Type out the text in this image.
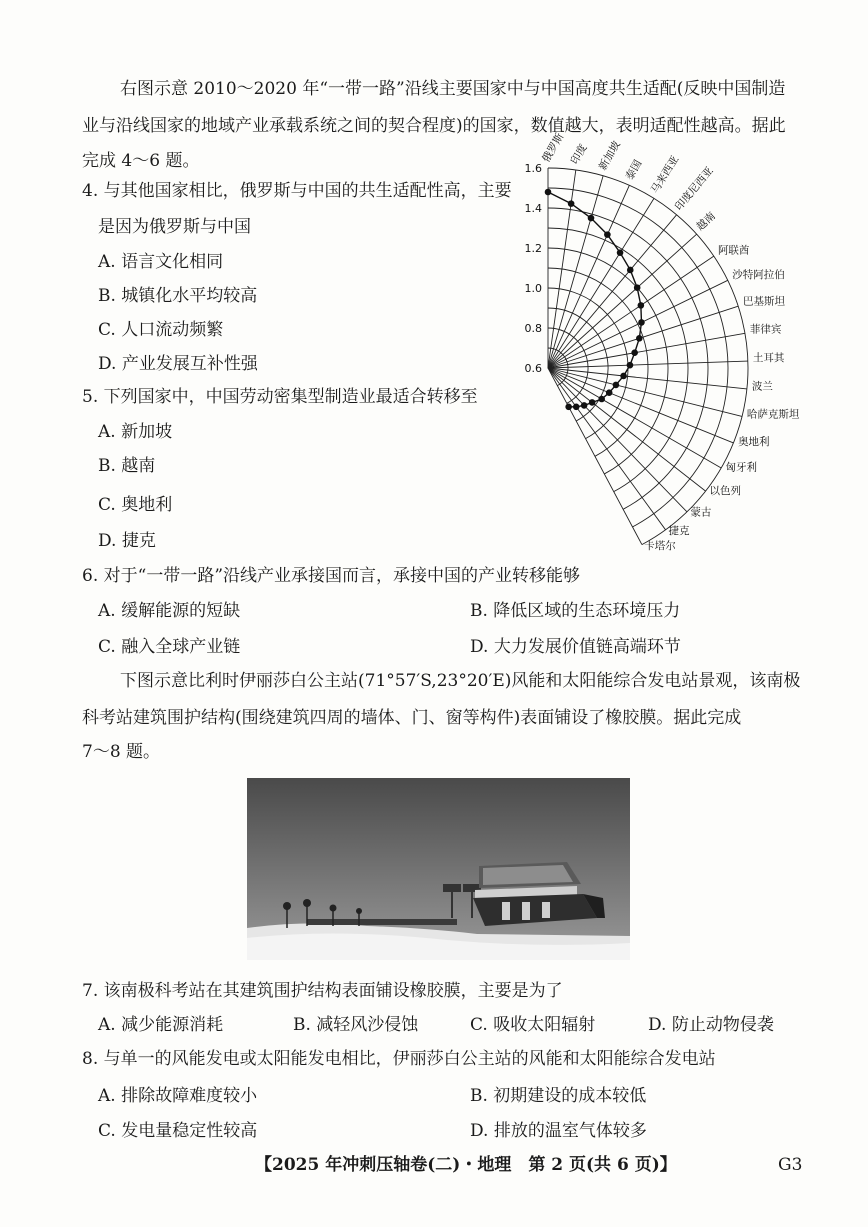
右图示意 2010～2020 年“一带一路”沿线主要国家中与中国高度共生适配(反映中国制造
业与沿线国家的地域产业承载系统之间的契合程度)的国家，数值越大，表明适配性越高。据此
完成 4～6 题。
4. 与其他国家相比，俄罗斯与中国的共生适配性高，主要
是因为俄罗斯与中国
A. 语言文化相同
B. 城镇化水平均较高
C. 人口流动频繁
D. 产业发展互补性强
5. 下列国家中，中国劳动密集型制造业最适合转移至
A. 新加坡
B. 越南
C. 奥地利
D. 捷克
6. 对于“一带一路”沿线产业承接国而言，承接中国的产业转移能够
A. 缓解能源的短缺	B. 降低区域的生态环境压力
C. 融入全球产业链	D. 大力发展价值链高端环节
下图示意比利时伊丽莎白公主站(71°57′S,23°20′E)风能和太阳能综合发电站景观，该南极
科考站建筑围护结构(围绕建筑四周的墙体、门、窗等构件)表面铺设了橡胶膜。据此完成
7～8 题。
7. 该南极科考站在其建筑围护结构表面铺设橡胶膜，主要是为了
A. 减少能源消耗	B. 减轻风沙侵蚀	C. 吸收太阳辐射	D. 防止动物侵袭
8. 与单一的风能发电或太阳能发电相比，伊丽莎白公主站的风能和太阳能综合发电站
A. 排除故障难度较小	B. 初期建设的成本较低
C. 发电量稳定性较高	D. 排放的温室气体较多
【2025 年冲刺压轴卷(二)・地理　第 2 页(共 6 页)】	G3
0.6
0.8
1.0
1.2
1.4
1.6
俄罗斯 印度 新加坡 泰国 马来西亚
印度尼西亚
越南
阿联酋
沙特阿拉伯
巴基斯坦
菲律宾
土耳其
波兰
哈萨克斯坦
奥地利
匈牙利
以色列
蒙古
捷克
卡塔尔
